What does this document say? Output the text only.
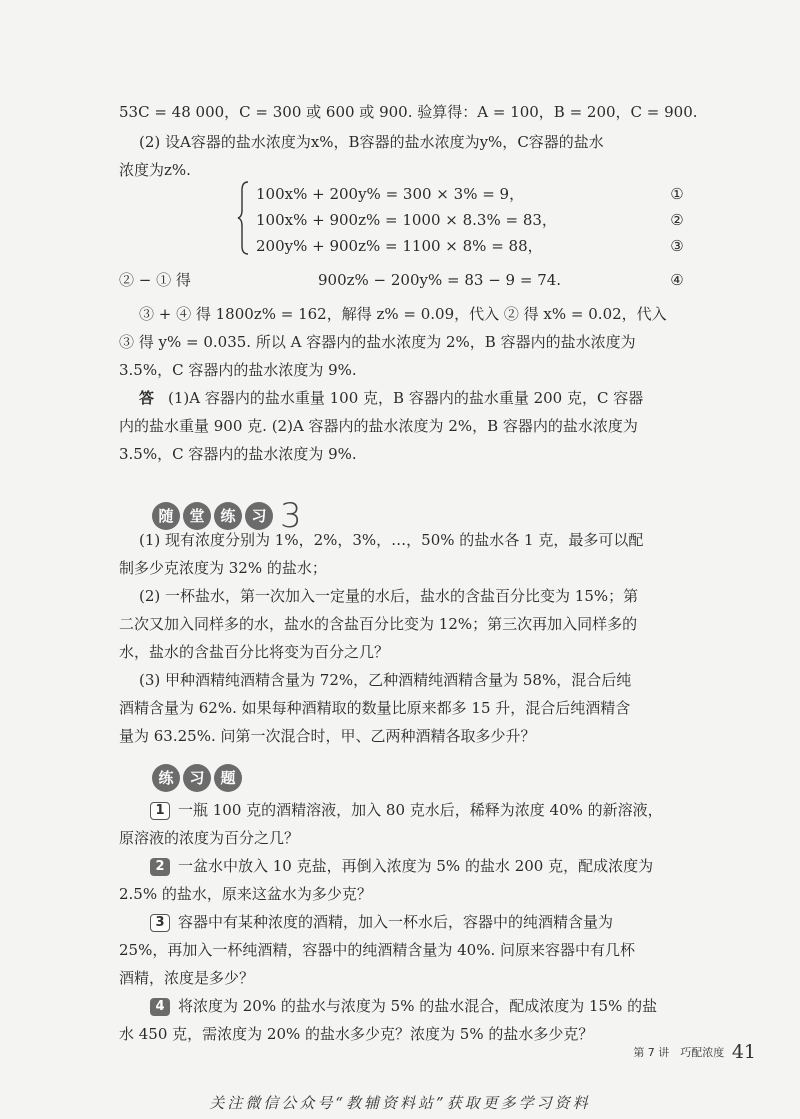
53C = 48 000，C = 300 或 600 或 900. 验算得：A = 100，B = 200，C = 900.
(2) 设A容器的盐水浓度为x%，B容器的盐水浓度为y%，C容器的盐水
浓度为z%.
100x% + 200y% = 300 × 3% = 9，	①
100x% + 900z% = 1000 × 8.3% = 83，	②
200y% + 900z% = 1100 × 8% = 88，	③
② − ① 得	900z% − 200y% = 83 − 9 = 74.	④
③ + ④ 得 1800z% = 162，解得 z% = 0.09，代入 ② 得 x% = 0.02，代入
③ 得 y% = 0.035. 所以 A 容器内的盐水浓度为 2%，B 容器内的盐水浓度为
3.5%，C 容器内的盐水浓度为 9%.
答 (1)A 容器内的盐水重量 100 克，B 容器内的盐水重量 200 克，C 容器
内的盐水重量 900 克. (2)A 容器内的盐水浓度为 2%，B 容器内的盐水浓度为
3.5%，C 容器内的盐水浓度为 9%.
随	堂	练	习 3
(1) 现有浓度分别为 1%，2%，3%，…，50% 的盐水各 1 克，最多可以配
制多少克浓度为 32% 的盐水；
(2) 一杯盐水，第一次加入一定量的水后，盐水的含盐百分比变为 15%；第
二次又加入同样多的水，盐水的含盐百分比变为 12%；第三次再加入同样多的
水，盐水的含盐百分比将变为百分之几？
(3) 甲种酒精纯酒精含量为 72%，乙种酒精纯酒精含量为 58%，混合后纯
酒精含量为 62%. 如果每种酒精取的数量比原来都多 15 升，混合后纯酒精含
量为 63.25%. 问第一次混合时，甲、乙两种酒精各取多少升？
练	习	题
1 一瓶 100 克的酒精溶液，加入 80 克水后，稀释为浓度 40% 的新溶液，
原溶液的浓度为百分之几？
2 一盆水中放入 10 克盐，再倒入浓度为 5% 的盐水 200 克，配成浓度为
2.5% 的盐水，原来这盆水为多少克？
3 容器中有某种浓度的酒精，加入一杯水后，容器中的纯酒精含量为
25%，再加入一杯纯酒精，容器中的纯酒精含量为 40%. 问原来容器中有几杯
酒精，浓度是多少？
4 将浓度为 20% 的盐水与浓度为 5% 的盐水混合，配成浓度为 15% 的盐
水 450 克，需浓度为 20% 的盐水多少克？浓度为 5% 的盐水多少克？
第 7 讲　巧配浓度 41
关注微信公众号“教辅资料站”获取更多学习资料
